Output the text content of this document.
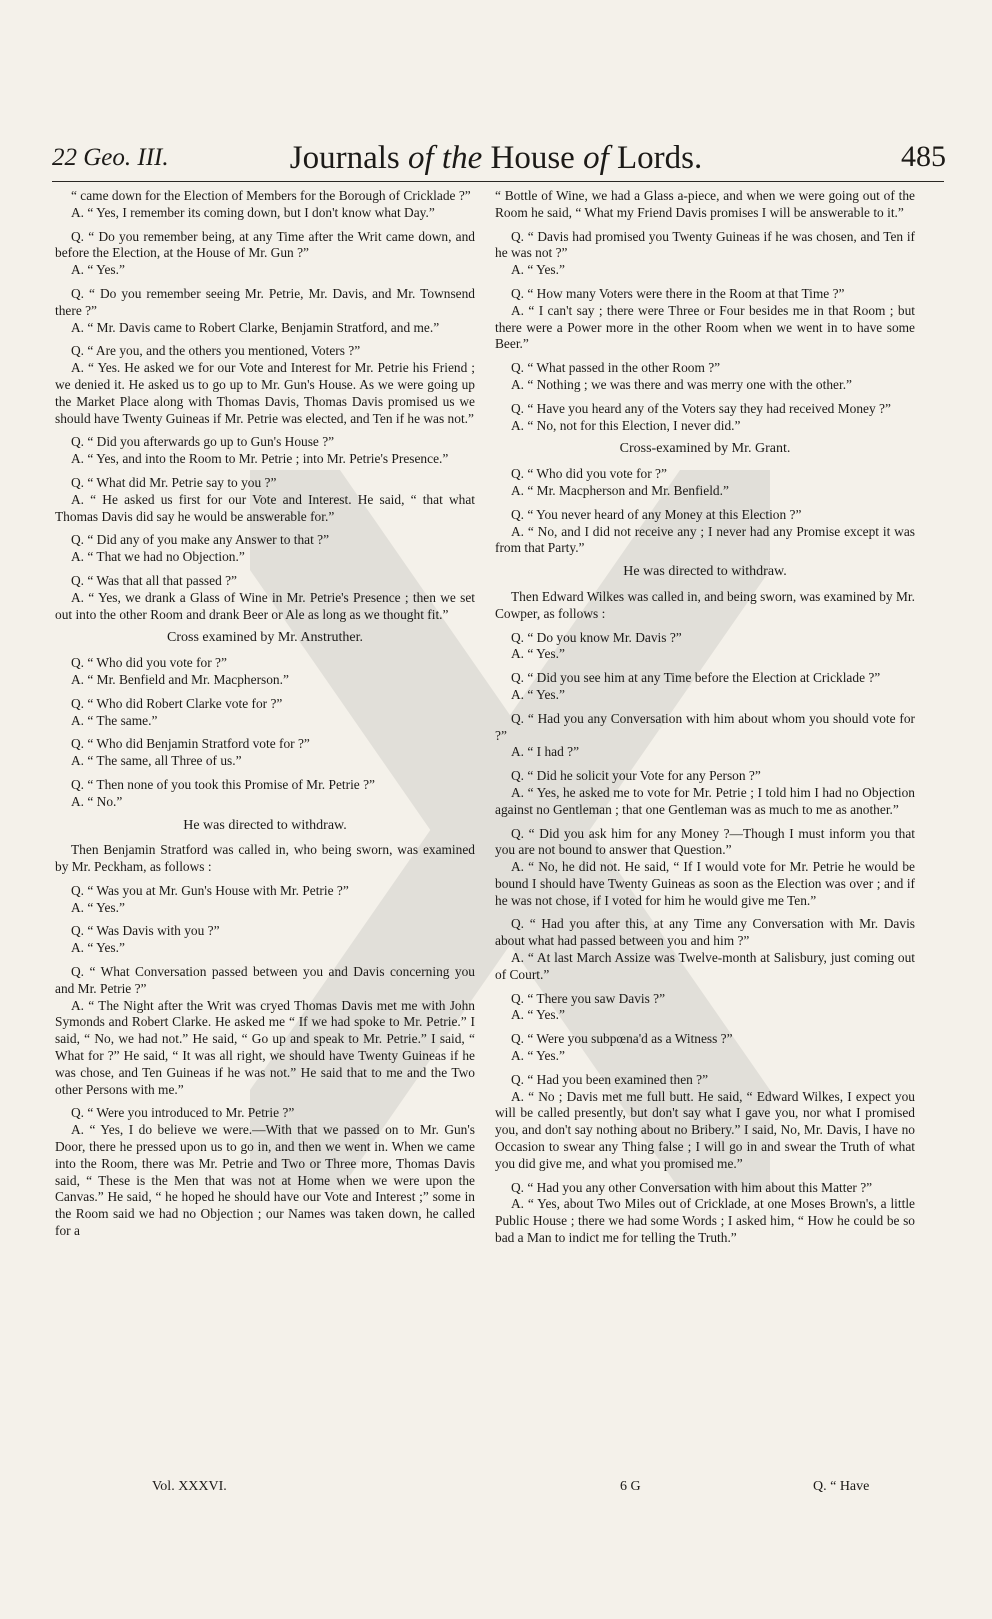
22 Geo. III.	Journals of the House of Lords.	485

“ came down for the Election of Members for the Borough of Cricklade ?”

A. “ Yes, I remember its coming down, but I don't know what Day.”

Q. “ Do you remember being, at any Time after the Writ came down, and before the Election, at the House of Mr. Gun ?”

A. “ Yes.”

Q. “ Do you remember seeing Mr. Petrie, Mr. Davis, and Mr. Townsend there ?”

A. “ Mr. Davis came to Robert Clarke, Benjamin Stratford, and me.”

Q. “ Are you, and the others you mentioned, Voters ?”

A. “ Yes. He asked we for our Vote and Interest for Mr. Petrie his Friend ; we denied it. He asked us to go up to Mr. Gun's House. As we were going up the Market Place along with Thomas Davis, Thomas Davis promised us we should have Twenty Guineas if Mr. Petrie was elected, and Ten if he was not.”

Q. “ Did you afterwards go up to Gun's House ?”

A. “ Yes, and into the Room to Mr. Petrie ; into Mr. Petrie's Presence.”

Q. “ What did Mr. Petrie say to you ?”

A. “ He asked us first for our Vote and Interest. He said, “ that what Thomas Davis did say he would be answerable for.”

Q. “ Did any of you make any Answer to that ?”

A. “ That we had no Objection.”

Q. “ Was that all that passed ?”

A. “ Yes, we drank a Glass of Wine in Mr. Petrie's Presence ; then we set out into the other Room and drank Beer or Ale as long as we thought fit.”

Cross examined by Mr. Anstruther.

Q. “ Who did you vote for ?”

A. “ Mr. Benfield and Mr. Macpherson.”

Q. “ Who did Robert Clarke vote for ?”

A. “ The same.”

Q. “ Who did Benjamin Stratford vote for ?”

A. “ The same, all Three of us.”

Q. “ Then none of you took this Promise of Mr. Petrie ?”

A. “ No.”

He was directed to withdraw.

Then Benjamin Stratford was called in, who being sworn, was examined by Mr. Peckham, as follows :

Q. “ Was you at Mr. Gun's House with Mr. Petrie ?”

A. “ Yes.”

Q. “ Was Davis with you ?”

A. “ Yes.”

Q. “ What Conversation passed between you and Davis concerning you and Mr. Petrie ?”

A. “ The Night after the Writ was cryed Thomas Davis met me with John Symonds and Robert Clarke. He asked me “ If we had spoke to Mr. Petrie.” I said, “ No, we had not.” He said, “ Go up and speak to Mr. Petrie.” I said, “ What for ?” He said, “ It was all right, we should have Twenty Guineas if he was chose, and Ten Guineas if he was not.” He said that to me and the Two other Persons with me.”

Q. “ Were you introduced to Mr. Petrie ?”

A. “ Yes, I do believe we were.—With that we passed on to Mr. Gun's Door, there he pressed upon us to go in, and then we went in. When we came into the Room, there was Mr. Petrie and Two or Three more, Thomas Davis said, “ These is the Men that was not at Home when we were upon the Canvas.” He said, “ he hoped he should have our Vote and Interest ;” some in the Room said we had no Objection ; our Names was taken down, he called for a

“ Bottle of Wine, we had a Glass a-piece, and when we were going out of the Room he said, “ What my Friend Davis promises I will be answerable to it.”

Q. “ Davis had promised you Twenty Guineas if he was chosen, and Ten if he was not ?”

A. “ Yes.”

Q. “ How many Voters were there in the Room at that Time ?”

A. “ I can't say ; there were Three or Four besides me in that Room ; but there were a Power more in the other Room when we went in to have some Beer.”

Q. “ What passed in the other Room ?”

A. “ Nothing ; we was there and was merry one with the other.”

Q. “ Have you heard any of the Voters say they had received Money ?”

A. “ No, not for this Election, I never did.”

Cross-examined by Mr. Grant.

Q. “ Who did you vote for ?”

A. “ Mr. Macpherson and Mr. Benfield.”

Q. “ You never heard of any Money at this Election ?”

A. “ No, and I did not receive any ; I never had any Promise except it was from that Party.”

He was directed to withdraw.

Then Edward Wilkes was called in, and being sworn, was examined by Mr. Cowper, as follows :

Q. “ Do you know Mr. Davis ?”

A. “ Yes.”

Q. “ Did you see him at any Time before the Election at Cricklade ?”

A. “ Yes.”

Q. “ Had you any Conversation with him about whom you should vote for ?”

A. “ I had ?”

Q. “ Did he solicit your Vote for any Person ?”

A. “ Yes, he asked me to vote for Mr. Petrie ; I told him I had no Objection against no Gentleman ; that one Gentleman was as much to me as another.”

Q. “ Did you ask him for any Money ?—Though I must inform you that you are not bound to answer that Question.”

A. “ No, he did not. He said, “ If I would vote for Mr. Petrie he would be bound I should have Twenty Guineas as soon as the Election was over ; and if he was not chose, if I voted for him he would give me Ten.”

Q. “ Had you after this, at any Time any Conversation with Mr. Davis about what had passed between you and him ?”

A. “ At last March Assize was Twelve-month at Salisbury, just coming out of Court.”

Q. “ There you saw Davis ?”

A. “ Yes.”

Q. “ Were you subpœna'd as a Witness ?”

A. “ Yes.”

Q. “ Had you been examined then ?”

A. “ No ; Davis met me full butt. He said, “ Edward Wilkes, I expect you will be called presently, but don't say what I gave you, nor what I promised you, and don't say nothing about no Bribery.” I said, No, Mr. Davis, I have no Occasion to swear any Thing false ; I will go in and swear the Truth of what you did give me, and what you promised me.”

Q. “ Had you any other Conversation with him about this Matter ?”

A. “ Yes, about Two Miles out of Cricklade, at one Moses Brown's, a little Public House ; there we had some Words ; I asked him, “ How he could be so bad a Man to indict me for telling the Truth.”

Vol. XXXVI.	6 G	Q. “ Have
